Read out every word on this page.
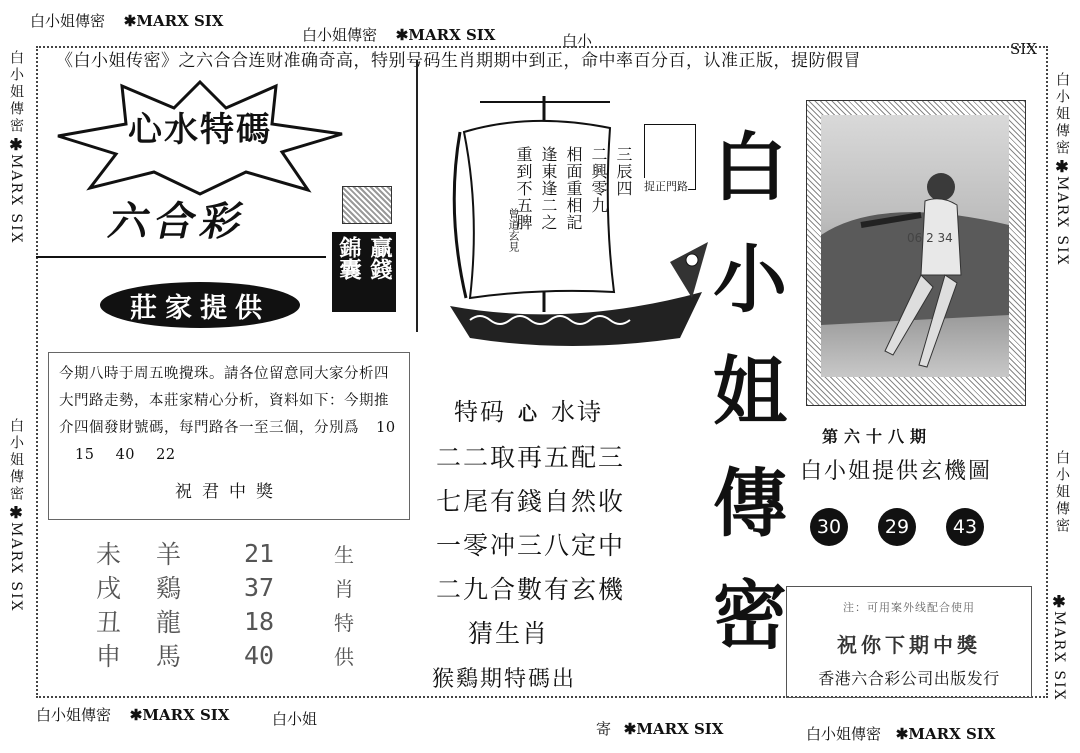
白小姐傳密 ✱MARX SIX
白小姐傳密 ✱MARX SIX	白小	SIX
白小姐傳密
✱
MARX SIX
白小姐傳密
✱
MARX SIX
白小姐傳密
✱
MARX SIX
白小姐傳密
✱
MARX SIX
白小姐傳密 ✱MARX SIX	白小姐
寄 ✱MARX SIX	白小姐傳密 ✱MARX SIX
《白小姐传密》之六合合连财准确奇高，特别号码生肖期期中到正，命中率百分百，认准正版，提防假冒
心水特碼
六合彩
錦囊 贏錢
莊家提供
今期八時于周五晚攪珠。請各位留意同大家分析四大門路走勢，本莊家精心分析，資料如下：今期推介四個發財號碼，每門路各一至三個，分別爲 10 15 40 22
祝君中獎
未	羊	21	生
戌	鷄	37	肖
丑	龍	18	特
申	馬	40	供
三辰四
二興零九
相面重相記
逢東逢二之
重到不五脾
曾道玄見
捉正門路
特码 心 水诗
二二取再五配三
七尾有錢自然收
一零冲三八定中
二九合數有玄機
猜生肖
猴鷄期特碼出
白
小
姐
傳
密
06 2 34
第六十八期
白小姐提供玄機圖
30	29	43
注：可用案外线配合使用
祝你下期中獎
香港六合彩公司出版发行
